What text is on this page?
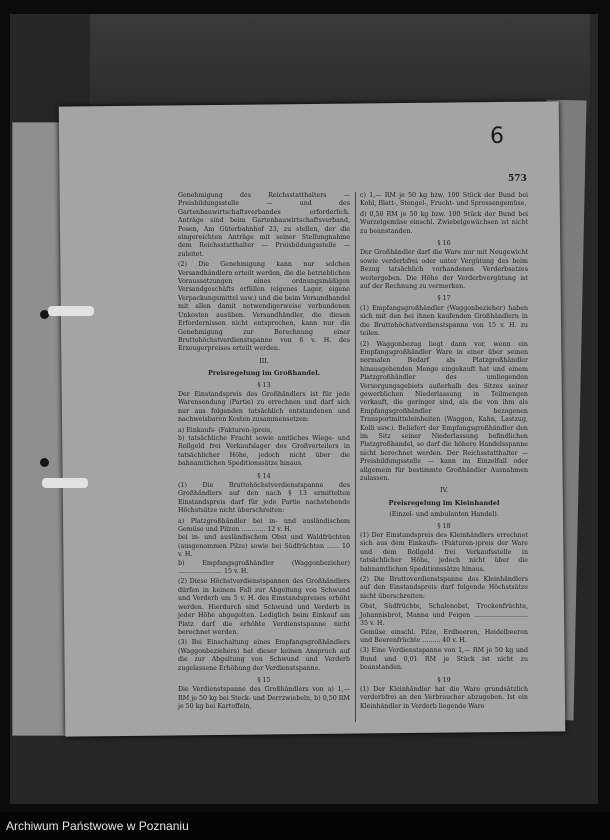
6
573

Genehmigung des Reichsstatthalters — Preisbildungsstelle — und des Gartenbauwirtschaftsverbandes erforderlich. Anträge sind beim Gartenbauwirtschaftsverband, Posen, Am Güterbahnhof 23, zu stellen, der die eingereichten Anträge mit seiner Stellungnahme dem Reichsstatthalter — Preisbildungsstelle — zuleitet.

(2) Die Genehmigung kann nur solchen Versandhändlern erteilt werden, die die betrieblichen Voraussetzungen eines ordnungsmäßigen Versandgeschäfts erfüllen (eigenes Lager, eigene Verpackungsmittel usw.) und die beim Versandhandel mit allen damit notwendigerweise verbundenen Unkosten ausüben. Versandhändler, die diesen Erfordernissen nicht entsprechen, kann nur die Genehmigung zur Berechnung einer Bruttohöchstverdienstspanne von 6 v. H. des Erzeugerpreises erteilt werden.

III.
Preisregelung im Großhandel.
§ 13

Der Einstandspreis des Großhändlers ist für jede Warensendung (Partie) zu errechnen und darf sich nur aus folgenden tatsächlich entstandenen und nachweisbaren Kosten zusammensetzen:

a) Einkaufs- (Fakturen-)preis,
b) tatsächliche Fracht sowie amtliches Wiege- und Rollgeld frei Verkaufslager des Großverteilers in tatsächlicher Höhe, jedoch nicht über die bahnamtlichen Speditionssätze hinaus.
§ 14

(1) Die Bruttohöchstverdienstspanne des Großhändlers auf den nach § 13 ermittelten Einstandspreis darf für jede Partie nachstehende Höchstsätze nicht überschreiten:

a) Platzgroßhändler bei in- und ausländischem Gemüse und Pilzen ............ 12 v. H.
bei in- und ausländischem Obst und Waldfrüchten (ausgenommen Pilze) sowie bei Südfrüchten ...... 10 v. H.
b) Empfangsgroßhändler (Waggonbezieher) ...................... 15 v. H.

(2) Diese Höchstverdienstspannen des Großhändlers dürfen in keinem Fall zur Abgeltung von Schwund und Verderb um 5 v. H. des Einstandspreises erhöht werden. Hierdurch sind Schwund und Verderb in jeder Höhe abgegolten. Lediglich beim Einkauf am Platz darf die erhöhte Verdienstspanne nicht berechnet werden.

(3) Bei Einschaltung eines Empfangsgroßhändlers (Waggonbeziehers) hat dieser keinen Anspruch auf die zur Abgeltung von Schwund und Verderb zugelassene Erhöhung der Verdienstspanne.

§ 15

Die Verdienstspanne des Großhändlers von a) 1,— RM je 50 kg bei Steck- und Derrzwiebeln, b) 0,50 RM je 50 kg bei Kartoffeln,

c) 1,— RM je 50 kg bzw. 100 Stück der Bund bei Kohl, Blatt-, Stengel-, Frucht- und Sprossengemüse,

d) 0,50 RM je 50 kg bzw. 100 Stück der Bund bei Wurzelgemüse einschl. Zwiebelgewächsen ist nicht zu beanstanden.

§ 16

Der Großhändler darf die Ware nur mit Neugewicht sowie verderbfrei oder unter Vergütung des beim Bezug tatsächlich vorhandenen Verderbsatzes weitergeben. Die Höhe der Verderbvergütung ist auf der Rechnung zu vermerken.

§ 17

(1) Empfangsgroßhändler (Waggonbezieher) haben sich mit den bei ihnen kaufenden Großhändlern in die Bruttohöchstverdienstspanne von 15 v. H. zu teilen.

(2) Waggonbezug liegt dann vor, wenn ein Empfangsgroßhändler Ware in einer über seinen normalen Bedarf als Platzgroßhändler hinausgehenden Menge eingekauft hat und einem Platzgroßhändler des umliegenden Versorgungsgebiets außerhalb des Sitzes seiner gewerblichen Niederlassung in Teilmengen verkauft, die geringer sind, als die von ihm als Empfangsgroßhändler bezogenen Transportmitteleinheiten (Waggon, Kahn, Lastzug, Kolli usw.). Beliefert der Empfangsgroßhändler den im Sitz seiner Niederlassung befindlichen Platzgroßhandel, so darf die höhere Handelsspanne nicht berechnet werden. Der Reichsstatthalter — Preisbildungsstelle — kann im Einzelfall oder allgemein für bestimmte Großhändler Ausnahmen zulassen.

IV.
Preisregelung im Kleinhandel
(Einzel- und ambulanten Handel).
§ 18

(1) Der Einstandspreis des Kleinhändlers errechnet sich aus dem Einkaufs- (Fakturen-)preis der Ware und dem Rollgeld frei Verkaufsstelle in tatsächlicher Höhe, jedoch nicht über die bahnamtlichen Speditionssätze hinaus.

(2) Die Bruttoverdienstspanne des Kleinhändlers auf den Einstandspreis darf folgende Höchstsätze nicht überschreiten:

Obst, Südfrüchte, Schalenobst, Trockenfrüchte, Johannisbrot, Manna und Feigen ........................... 35 v. H.
Gemüse einschl. Pilze, Erdbeeren, Heidelbeeren und Beerenfrüchte ......... 40 v. H.

(3) Eine Verdienstspanne von 1,— RM je 50 kg und Bund und 0,01 RM je Stück ist nicht zu beanstanden.

§ 19

(1) Der Kleinhändler hat die Ware grundsätzlich verderbfrei an den Verbraucher abzugeben. Ist ein Kleinhändler in Verderb liegende Ware

Archiwum Państwowe w Poznaniu
